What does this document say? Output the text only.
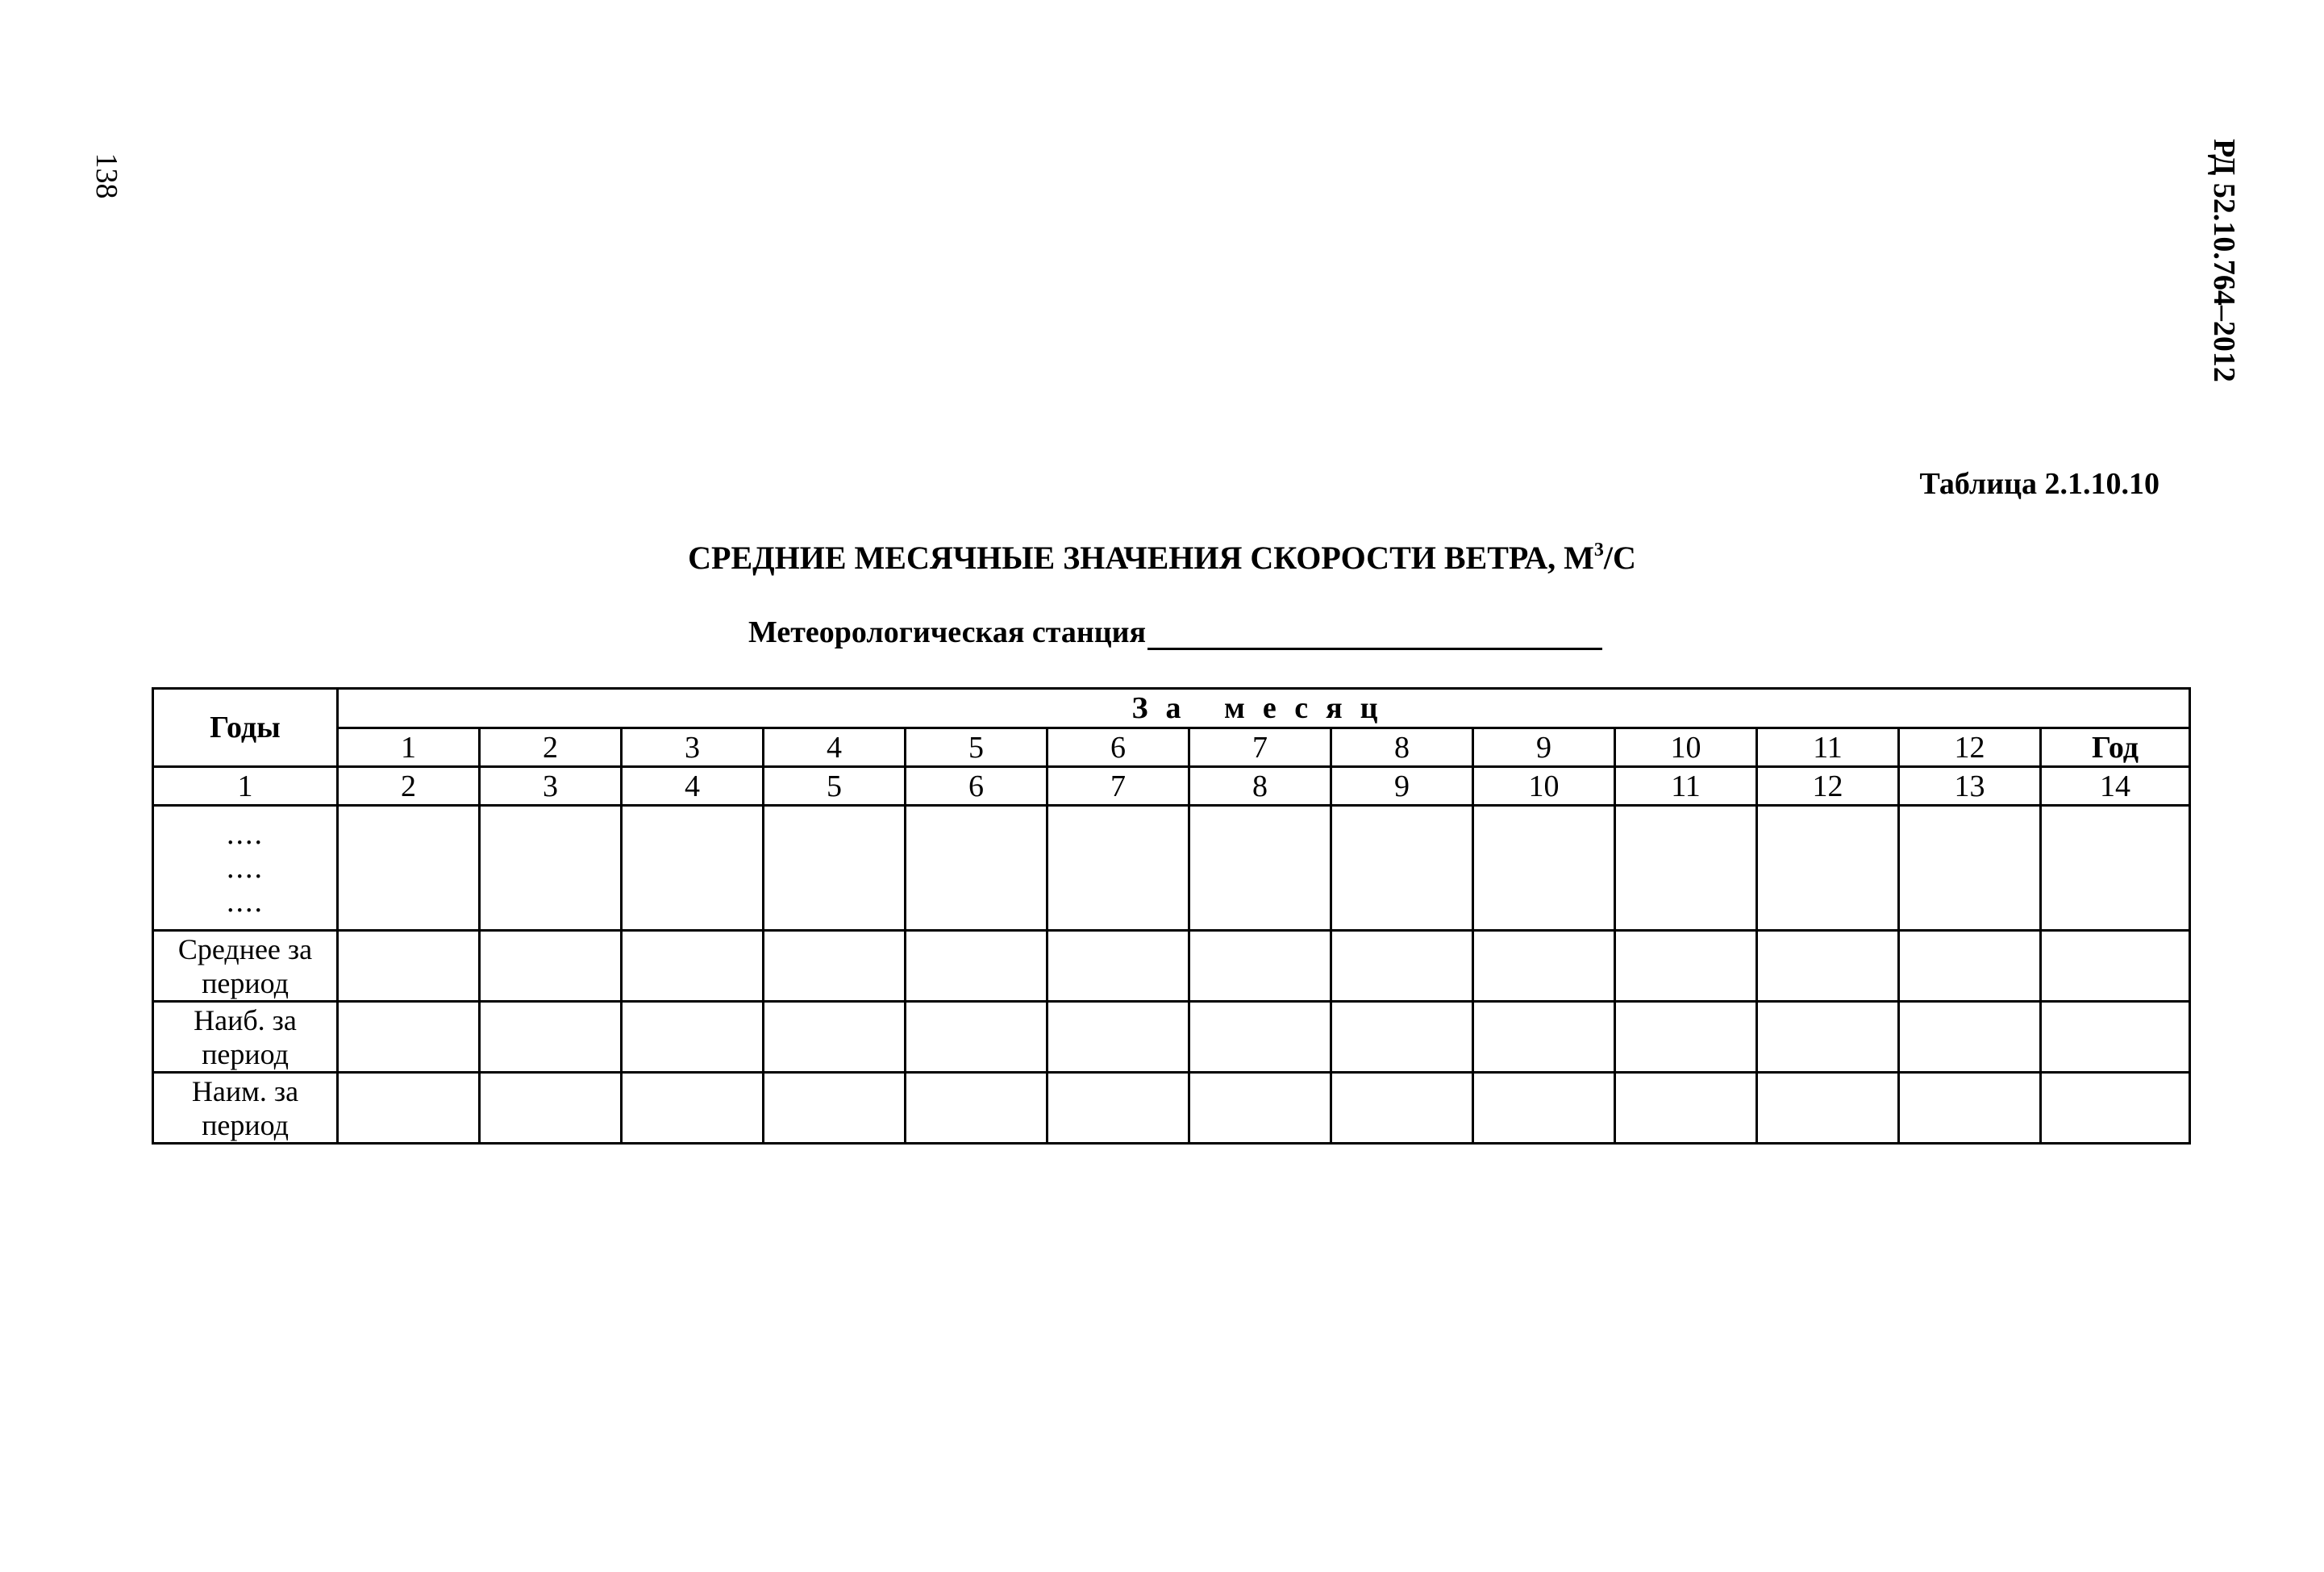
138	РД 52.10.764–2012
Таблица 2.1.10.10
СРЕДНИЕ МЕСЯЧНЫЕ ЗНАЧЕНИЯ СКОРОСТИ ВЕТРА, $М^3/С$
Метеорологическая станция
Годы	За месяц												
	1	2	3	4	5	6	7	8	9	10	11	12	Год
1	2	3	4	5	6	7	8	9	10	11	12	13	14

....
....
....													

Среднее за
период													

Наиб. за
период													

Наим. за
период													
